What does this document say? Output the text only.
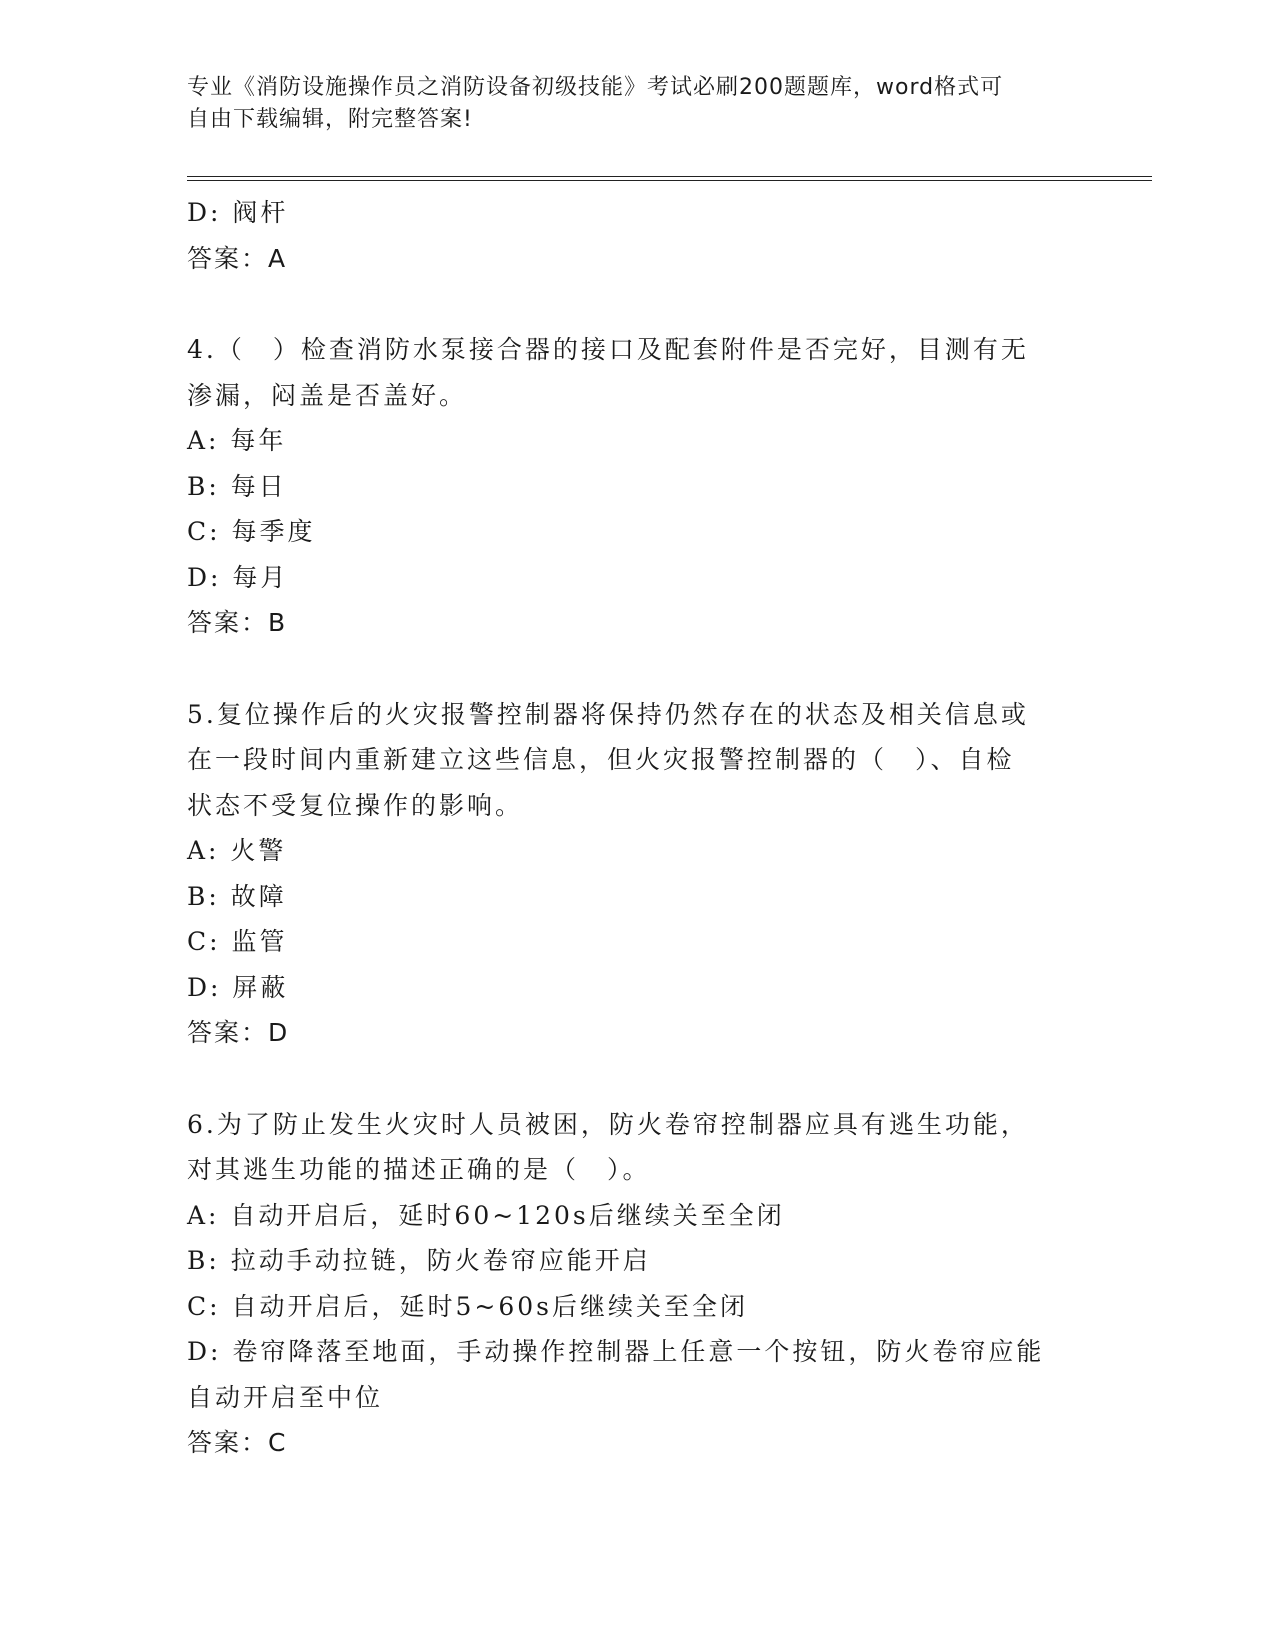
专业《消防设施操作员之消防设备初级技能》考试必刷200题题库，word格式可
自由下载编辑，附完整答案!
D: 阀杆
答案：A
4.（　）检查消防水泵接合器的接口及配套附件是否完好，目测有无
渗漏，闷盖是否盖好。
A: 每年
B: 每日
C: 每季度
D: 每月
答案：B
5.复位操作后的火灾报警控制器将保持仍然存在的状态及相关信息或
在一段时间内重新建立这些信息，但火灾报警控制器的（　）、自检
状态不受复位操作的影响。
A: 火警
B: 故障
C: 监管
D: 屏蔽
答案：D
6.为了防止发生火灾时人员被困，防火卷帘控制器应具有逃生功能，
对其逃生功能的描述正确的是（　）。
A: 自动开启后，延时60~120s后继续关至全闭
B: 拉动手动拉链，防火卷帘应能开启
C: 自动开启后，延时5~60s后继续关至全闭
D: 卷帘降落至地面，手动操作控制器上任意一个按钮，防火卷帘应能
自动开启至中位
答案：C
